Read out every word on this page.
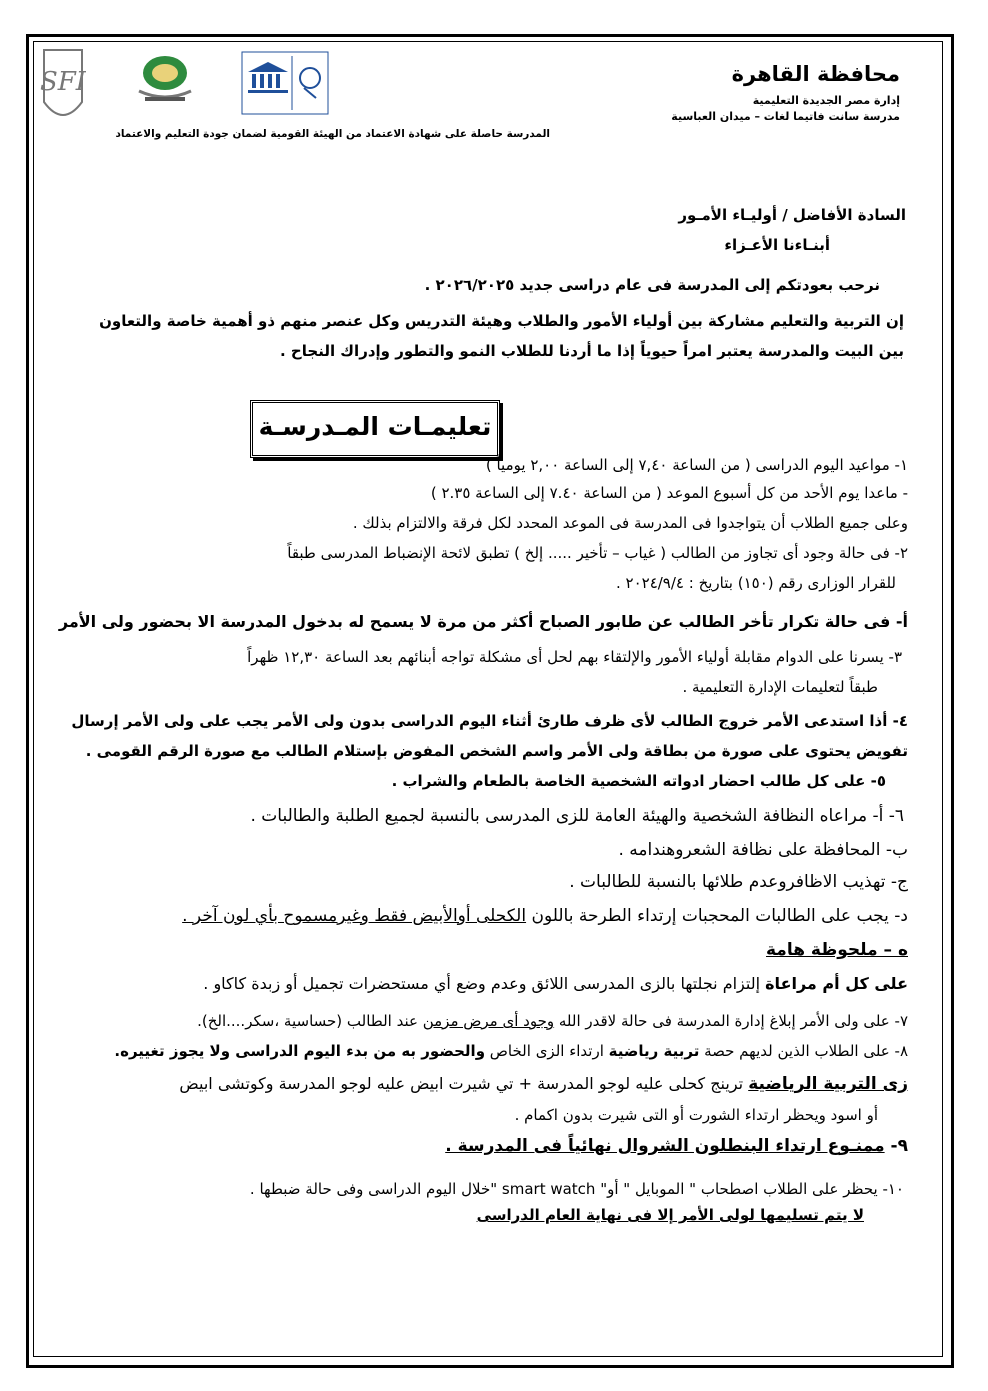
SFI	محافظة القاهرة
إدارة مصر الجديدة التعليمية
مدرسة سانت فاتيما لغات – ميدان العباسية
المدرسة حاصلة على شهادة الاعتماد من الهيئة القومية لضمان جودة التعليم والاعتماد
السادة الأفاضل / أوليـاء الأمـور
أبنـاءنا الأعـزاء
نرحب بعودتكم إلى المدرسة فى عام دراسى جديد ٢٠٢٦/٢٠٢٥ .
إن التربية والتعليم مشاركة بين أولياء الأمور والطلاب وهيئة التدريس وكل عنصر منهم ذو أهمية خاصة والتعاون
بين البيت والمدرسة يعتبر امراً حيوياً إذا ما أردنا للطلاب النمو والتطور وإدراك النجاح .
تعليمـات المـدرسـة
١- مواعيد اليوم الدراسى ( من الساعة ٧,٤٠ إلى الساعة ٢,٠٠ يومياً )
- ماعدا يوم الأحد من كل أسبوع الموعد ( من الساعة ٧.٤٠ إلى الساعة ٢.٣٥ )
وعلى جميع الطلاب أن يتواجدوا فى المدرسة فى الموعد المحدد لكل فرقة والالتزام بذلك .
٢- فى حالة وجود أى تجاوز من الطالب ( غياب – تأخير ..... إلخ ) تطبق لائحة الإنضباط المدرسى طبقاً
للقرار الوزارى رقم (١٥٠) بتاريخ : ٢٠٢٤/٩/٤ .
أ- فى حالة تكرار تأخر الطالب عن طابور الصباح أكثر من مرة لا يسمح له بدخول المدرسة الا بحضور ولى الأمر
٣- يسرنا على الدوام مقابلة أولياء الأمور والإلتقاء بهم لحل أى مشكلة تواجه أبنائهم بعد الساعة ١٢,٣٠ ظهراً
طبقاً لتعليمات الإدارة التعليمية .
٤- أذا استدعى الأمر خروج الطالب لأى ظرف طارئ أثناء اليوم الدراسى بدون ولى الأمر يجب على ولى الأمر إرسال
تفويض يحتوى على صورة من بطاقة ولى الأمر واسم الشخص المفوض بإستلام الطالب مع صورة الرقم القومى .
٥- على كل طالب احضار ادواته الشخصية الخاصة بالطعام والشراب .
٦- أ- مراعاه النظافة الشخصية والهيئة العامة للزى المدرسى بالنسبة لجميع الطلبة والطالبات .
ب- المحافظة على نظافة الشعروهندامه .
ج- تهذيب الاظافروعدم طلائها بالنسبة للطالبات .
د- يجب على الطالبات المحجبات إرتداء الطرحة باللون الكحلى أوالأبيض فقط وغيرمسموح بأي لون آخر .
ه – ملحوظة هامة
على كل أم مراعاة إلتزام نجلتها بالزى المدرسى اللائق وعدم وضع أي مستحضرات تجميل أو زبدة كاكاو .
٧- على ولى الأمر إبلاغ إدارة المدرسة فى حالة لاقدر الله وجود أى مرض مزمن عند الطالب (حساسية ،سكر....الخ).
٨- على الطلاب الذين لديهم حصة تربية رياضية ارتداء الزى الخاص والحضور به من بدء اليوم الدراسى ولا يجوز تغييره.
زى التربية الرياضية ترينج كحلى عليه لوجو المدرسة + تي شيرت ابيض عليه لوجو المدرسة وكوتشى ابيض
أو اسود ويحظر ارتداء الشورت أو التى شيرت بدون اكمام .
٩- ممنـوع ارتداء البنطلون الشروال نهائياً فى المدرسة .
١٠- يحظر على الطلاب اصطحاب " الموبايل " أو" smart watch "خلال اليوم الدراسى وفى حالة ضبطها .
لا يتم تسليمها لولى الأمر إلا فى نهاية العام الدراسى
